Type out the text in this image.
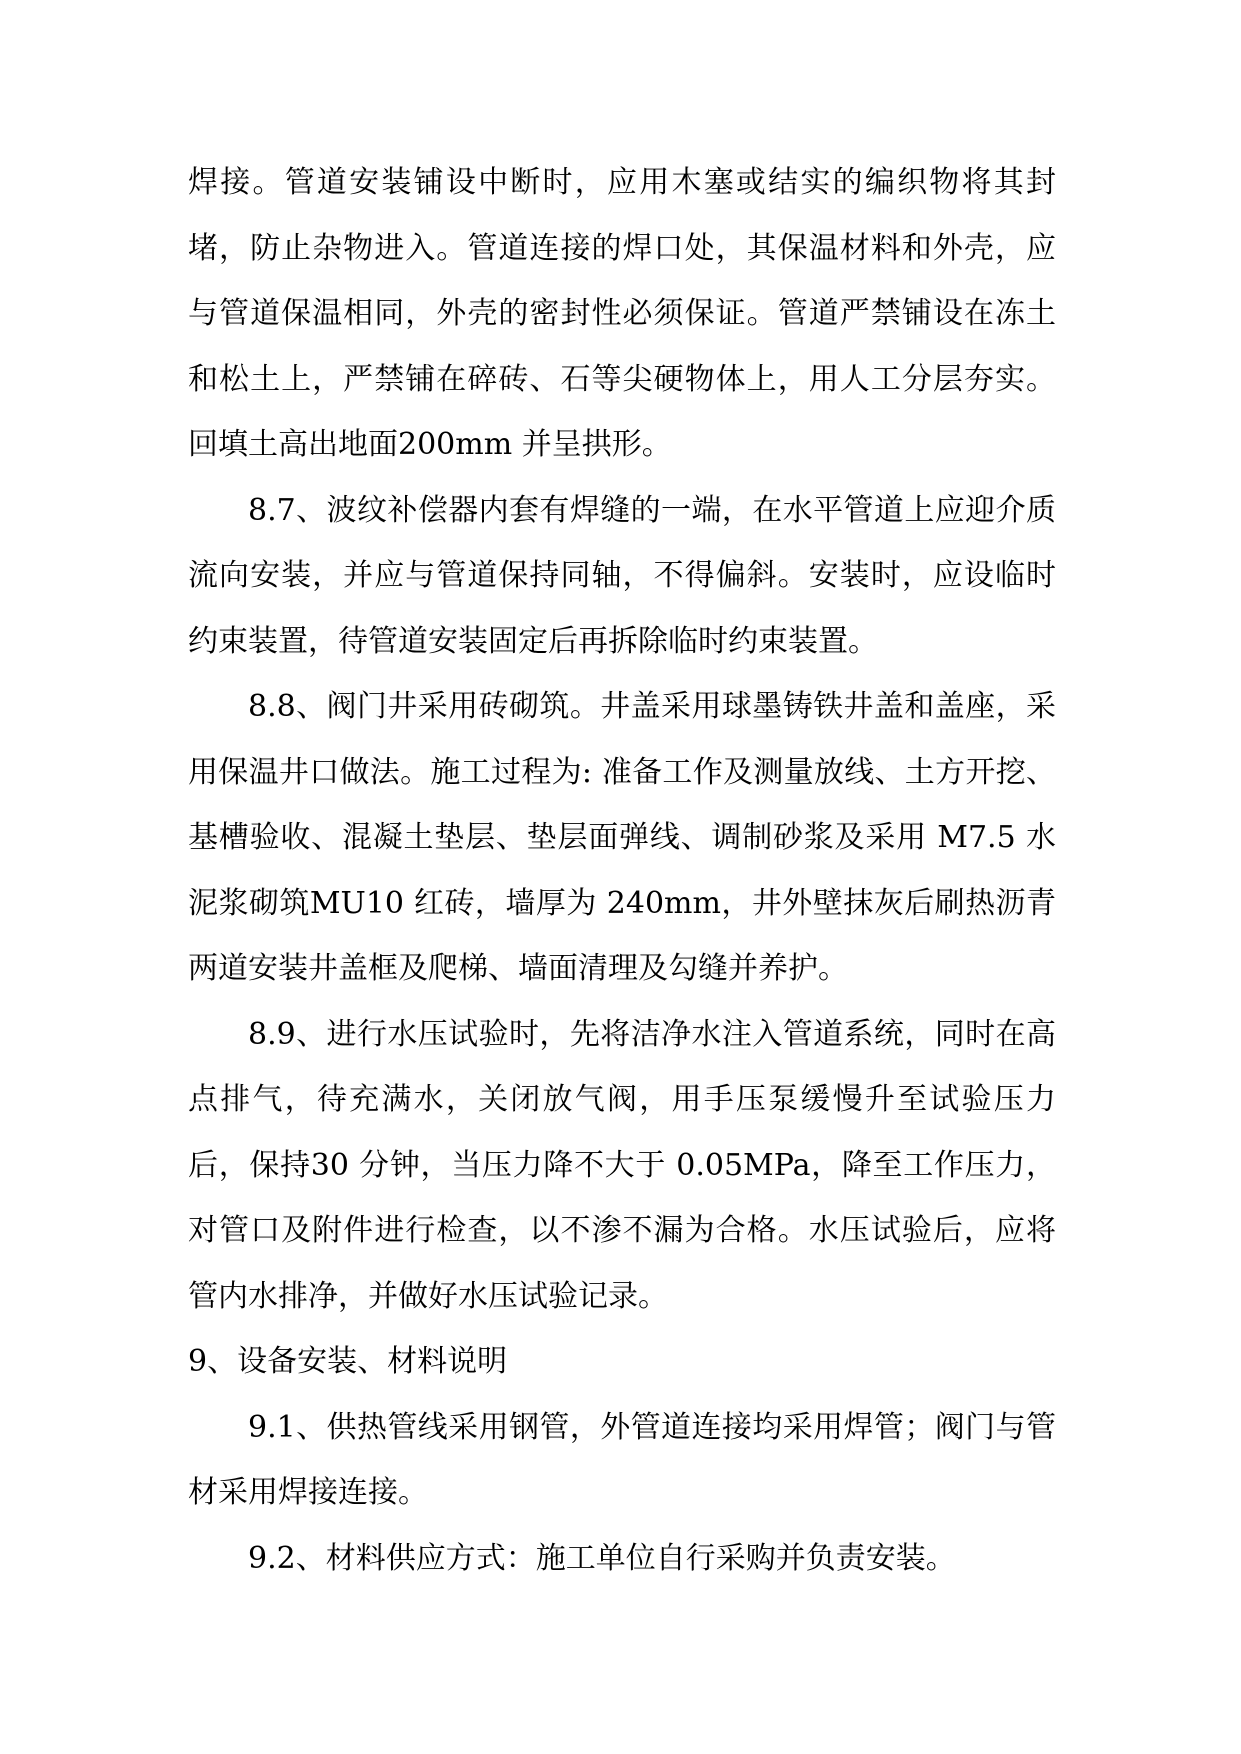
焊接。管道安装铺设中断时，应用木塞或结实的编织物将其封堵，防止杂物进入。管道连接的焊口处，其保温材料和外壳，应与管道保温相同，外壳的密封性必须保证。管道严禁铺设在冻土和松土上，严禁铺在碎砖、石等尖硬物体上，用人工分层夯实。回填土高出地面200mm 并呈拱形。

8.7、波纹补偿器内套有焊缝的一端，在水平管道上应迎介质流向安装，并应与管道保持同轴，不得偏斜。安装时，应设临时约束装置，待管道安装固定后再拆除临时约束装置。

8.8、阀门井采用砖砌筑。井盖采用球墨铸铁井盖和盖座，采用保温井口做法。施工过程为: 准备工作及测量放线、土方开挖、基槽验收、混凝土垫层、垫层面弹线、调制砂浆及采用 M7.5 水泥浆砌筑MU10 红砖，墙厚为 240mm，井外壁抹灰后刷热沥青两道安装井盖框及爬梯、墙面清理及勾缝并养护。

8.9、进行水压试验时，先将洁净水注入管道系统，同时在高点排气，待充满水，关闭放气阀，用手压泵缓慢升至试验压力后，保持30 分钟，当压力降不大于 0.05MPa，降至工作压力，对管口及附件进行检查，以不渗不漏为合格。水压试验后，应将管内水排净，并做好水压试验记录。

9、设备安装、材料说明

9.1、供热管线采用钢管，外管道连接均采用焊管；阀门与管材采用焊接连接。

9.2、材料供应方式：施工单位自行采购并负责安装。
